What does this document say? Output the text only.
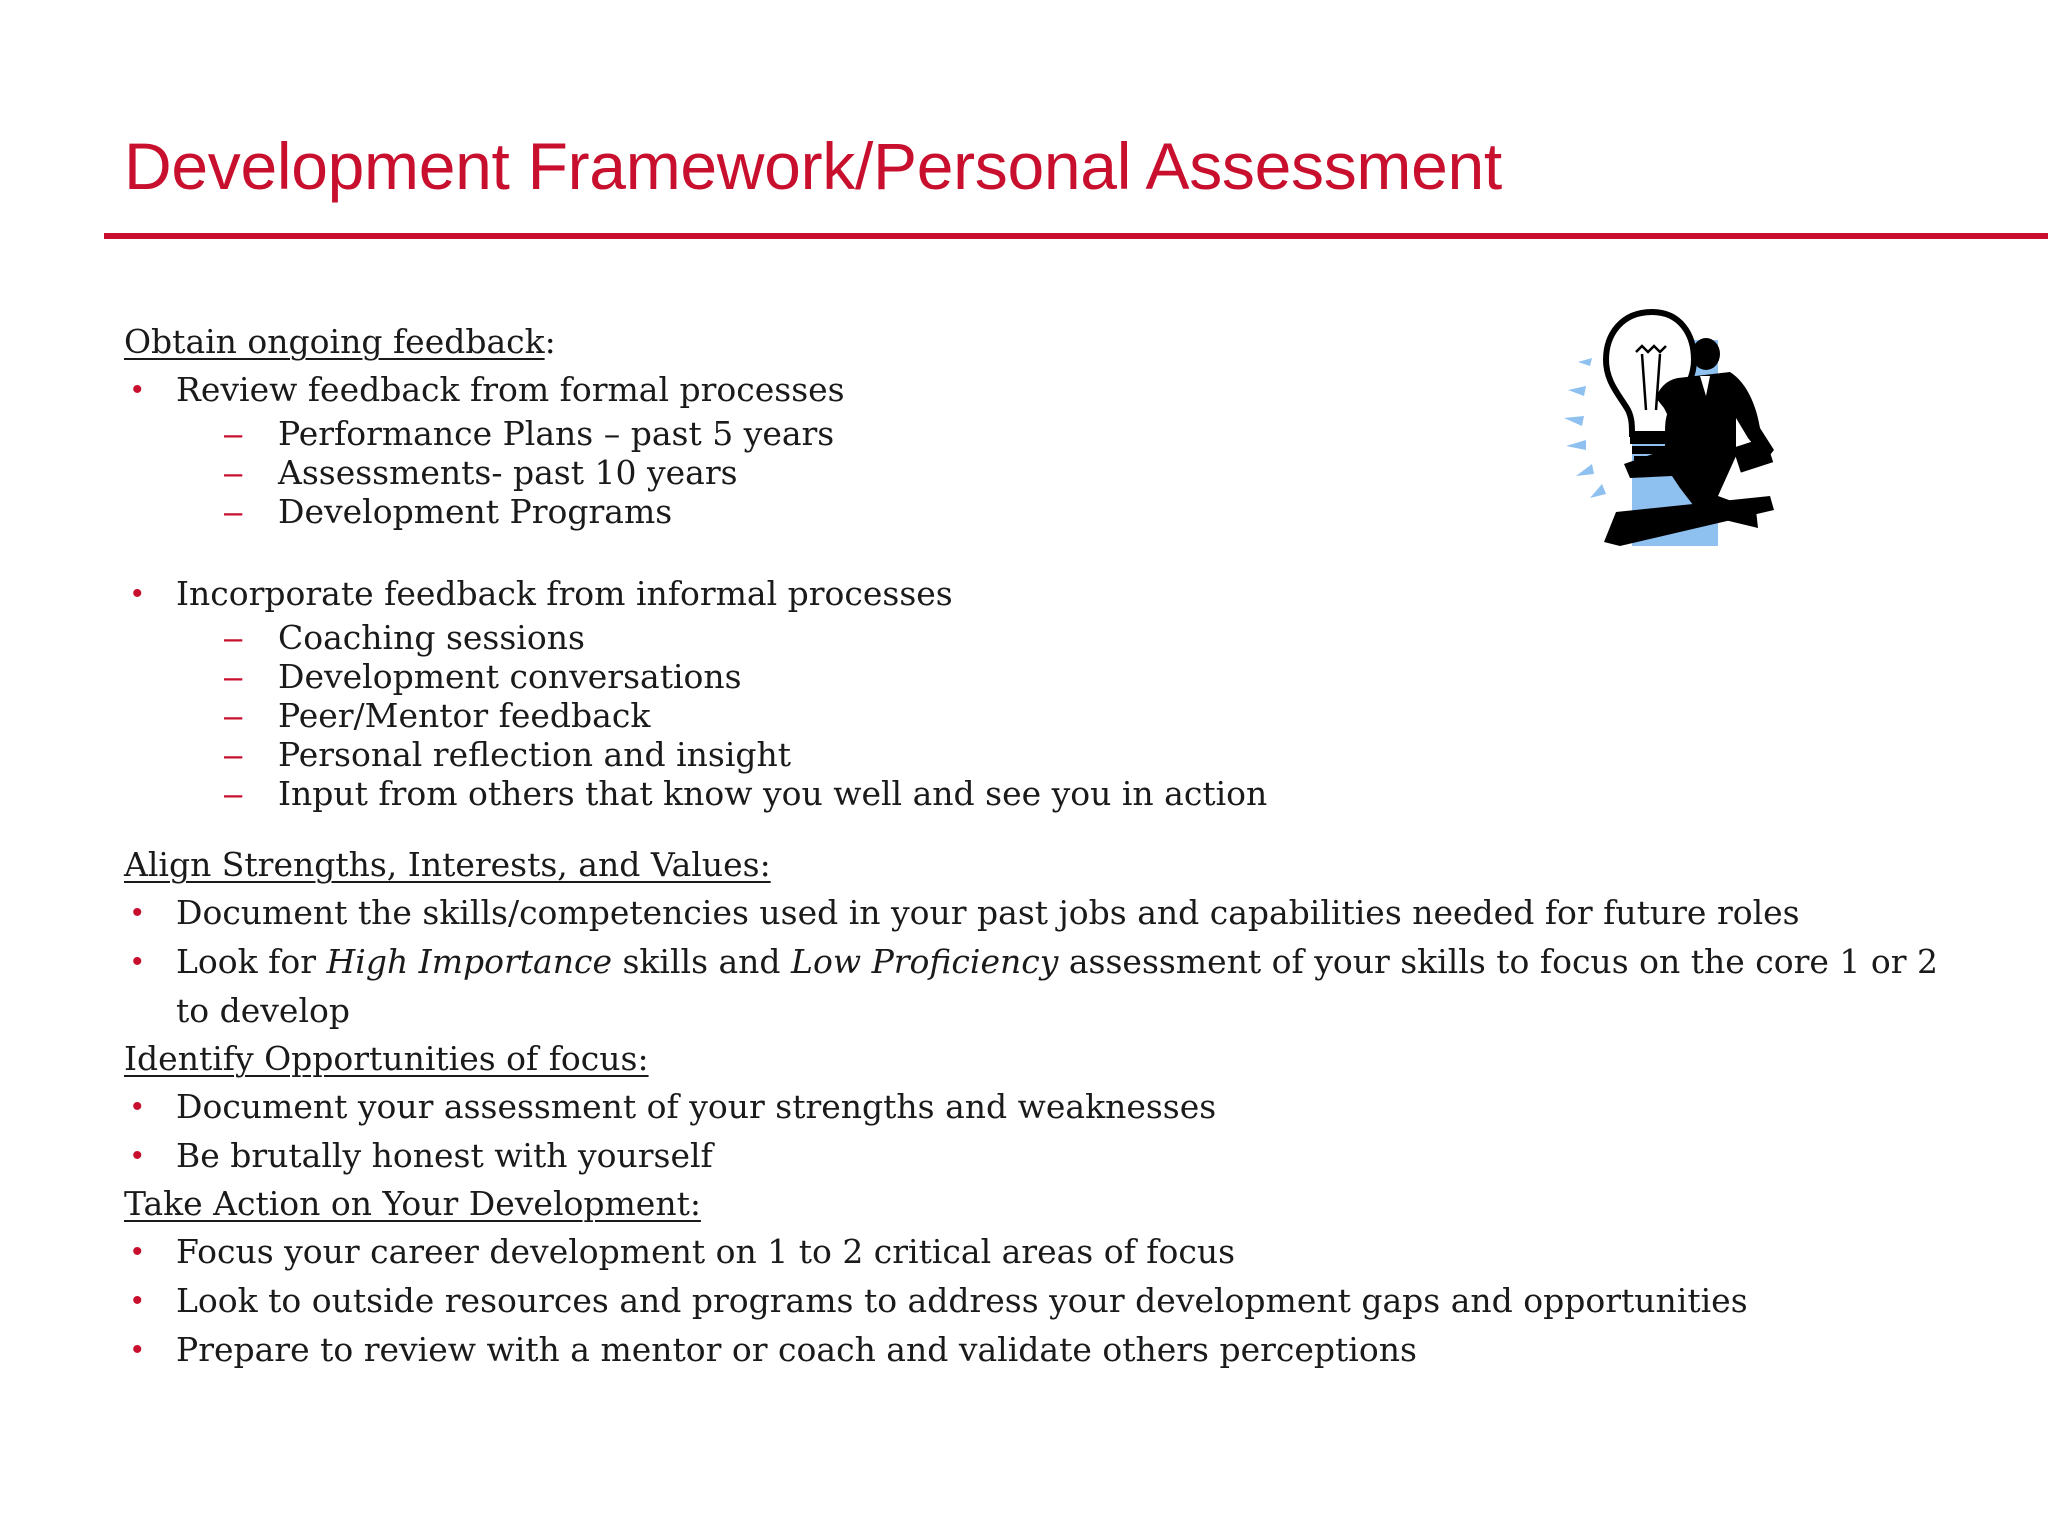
Development Framework/Personal Assessment
Obtain ongoing feedback:
• Review feedback from formal processes
– Performance Plans – past 5 years
– Assessments- past 10 years
– Development Programs
• Incorporate feedback from informal processes
– Coaching sessions
– Development conversations
– Peer/Mentor feedback
– Personal reflection and insight
– Input from others that know you well and see you in action
Align Strengths, Interests, and Values:
• Document the skills/competencies used in your past jobs and capabilities needed for future roles
• Look for High Importance skills and Low Proficiency assessment of your skills to focus on the core 1 or 2 to develop
Identify Opportunities of focus:
• Document your assessment of your strengths and weaknesses
• Be brutally honest with yourself
Take Action on Your Development:
• Focus your career development on 1 to 2 critical areas of focus
• Look to outside resources and programs to address your development gaps and opportunities
• Prepare to review with a mentor or coach and validate others perceptions
